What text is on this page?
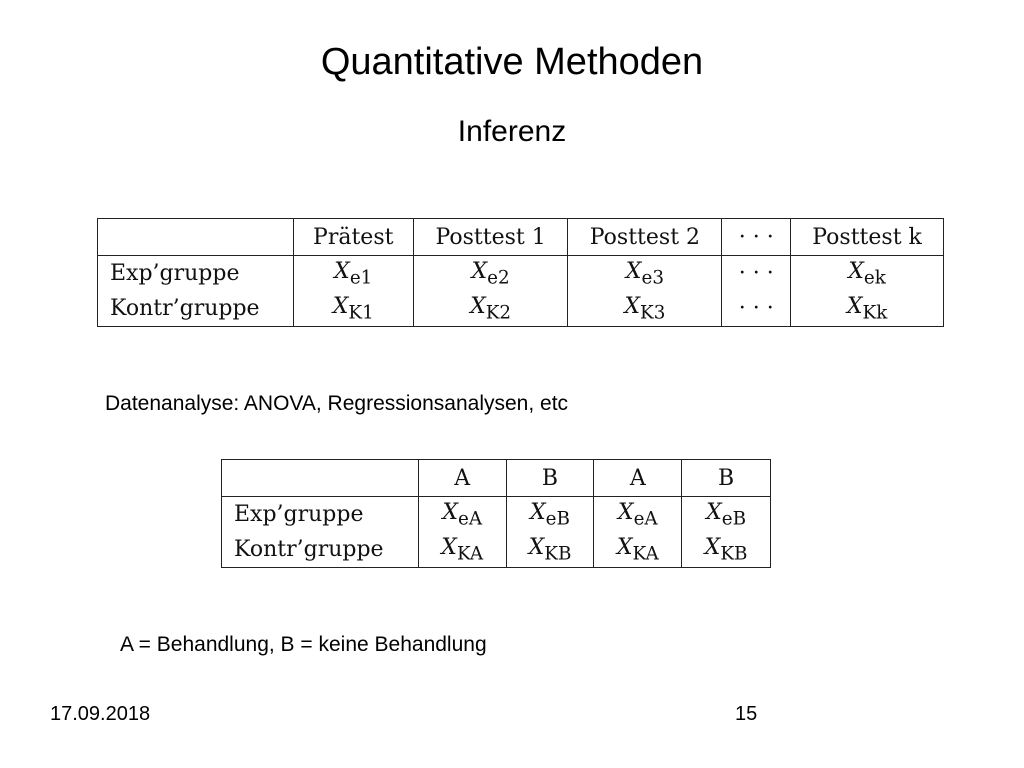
Quantitative Methoden
Inferenz
	Prätest	Posttest 1	Posttest 2	· · ·	Posttest k
Exp’gruppe	$X_{e1}$	$X_{e2}$	$X_{e3}$	· · ·	$X_{ek}$
Kontr’gruppe	$X_{K1}$	$X_{K2}$	$X_{K3}$	· · ·	$X_{Kk}$
Datenanalyse: ANOVA, Regressionsanalysen, etc
	A	B	A	B
Exp’gruppe	$X_{eA}$	$X_{eB}$	$X_{eA}$	$X_{eB}$
Kontr’gruppe	$X_{KA}$	$X_{KB}$	$X_{KA}$	$X_{KB}$
A = Behandlung, B = keine Behandlung
17.09.2018	15
